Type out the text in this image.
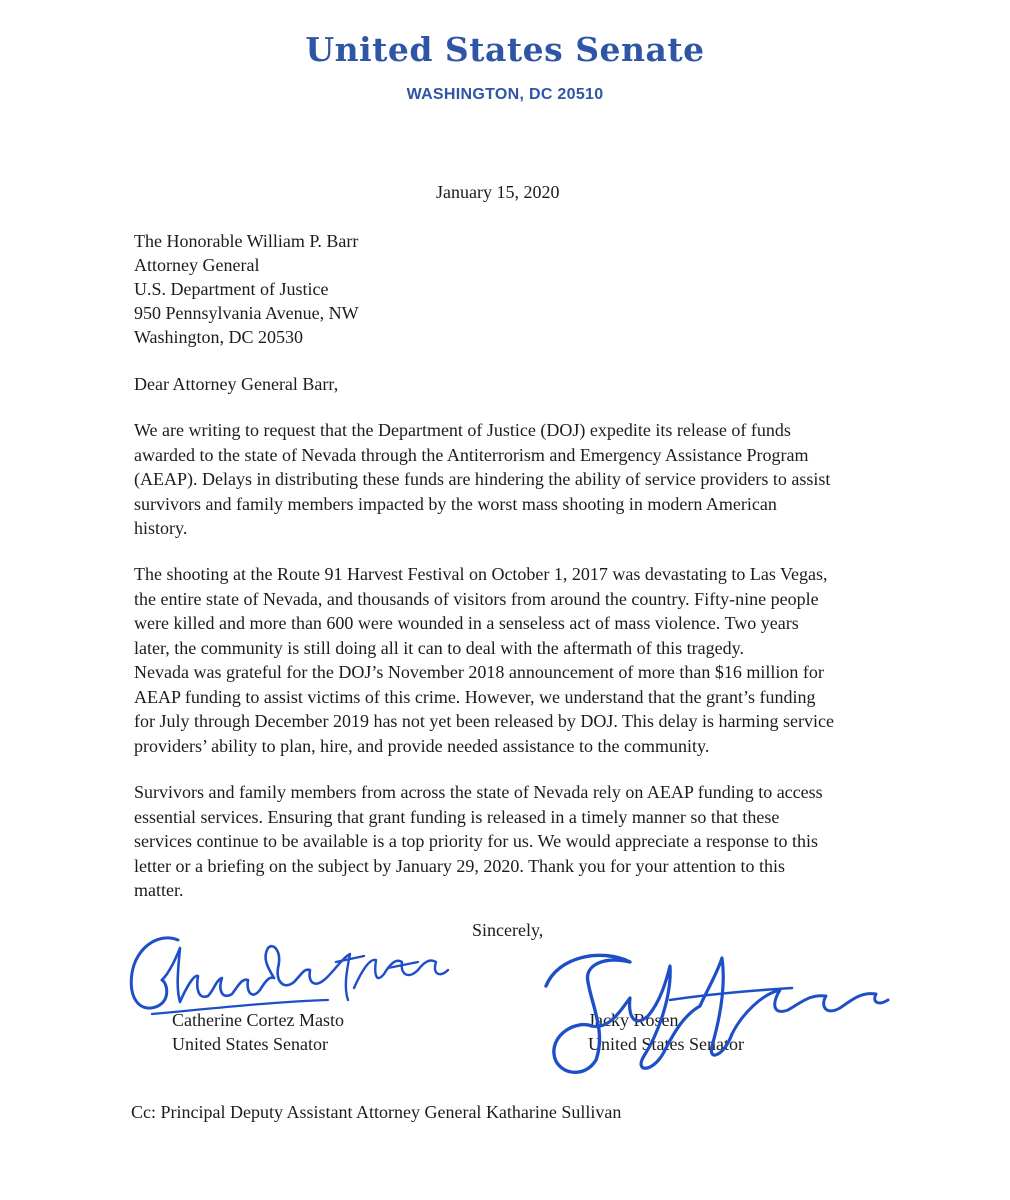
United States Senate
WASHINGTON, DC 20510
January 15, 2020
The Honorable William P. Barr
Attorney General
U.S. Department of Justice
950 Pennsylvania Avenue, NW
Washington, DC 20530
Dear Attorney General Barr,
We are writing to request that the Department of Justice (DOJ) expedite its release of funds
awarded to the state of Nevada through the Antiterrorism and Emergency Assistance Program
(AEAP). Delays in distributing these funds are hindering the ability of service providers to assist
survivors and family members impacted by the worst mass shooting in modern American
history.
The shooting at the Route 91 Harvest Festival on October 1, 2017 was devastating to Las Vegas,
the entire state of Nevada, and thousands of visitors from around the country. Fifty-nine people
were killed and more than 600 were wounded in a senseless act of mass violence. Two years
later, the community is still doing all it can to deal with the aftermath of this tragedy.
Nevada was grateful for the DOJ’s November 2018 announcement of more than $16 million for
AEAP funding to assist victims of this crime. However, we understand that the grant’s funding
for July through December 2019 has not yet been released by DOJ. This delay is harming service
providers’ ability to plan, hire, and provide needed assistance to the community.
Survivors and family members from across the state of Nevada rely on AEAP funding to access
essential services. Ensuring that grant funding is released in a timely manner so that these
services continue to be available is a top priority for us. We would appreciate a response to this
letter or a briefing on the subject by January 29, 2020. Thank you for your attention to this
matter.
Sincerely,
Catherine Cortez Masto
United States Senator
Jacky Rosen
United States Senator
Cc: Principal Deputy Assistant Attorney General Katharine Sullivan
